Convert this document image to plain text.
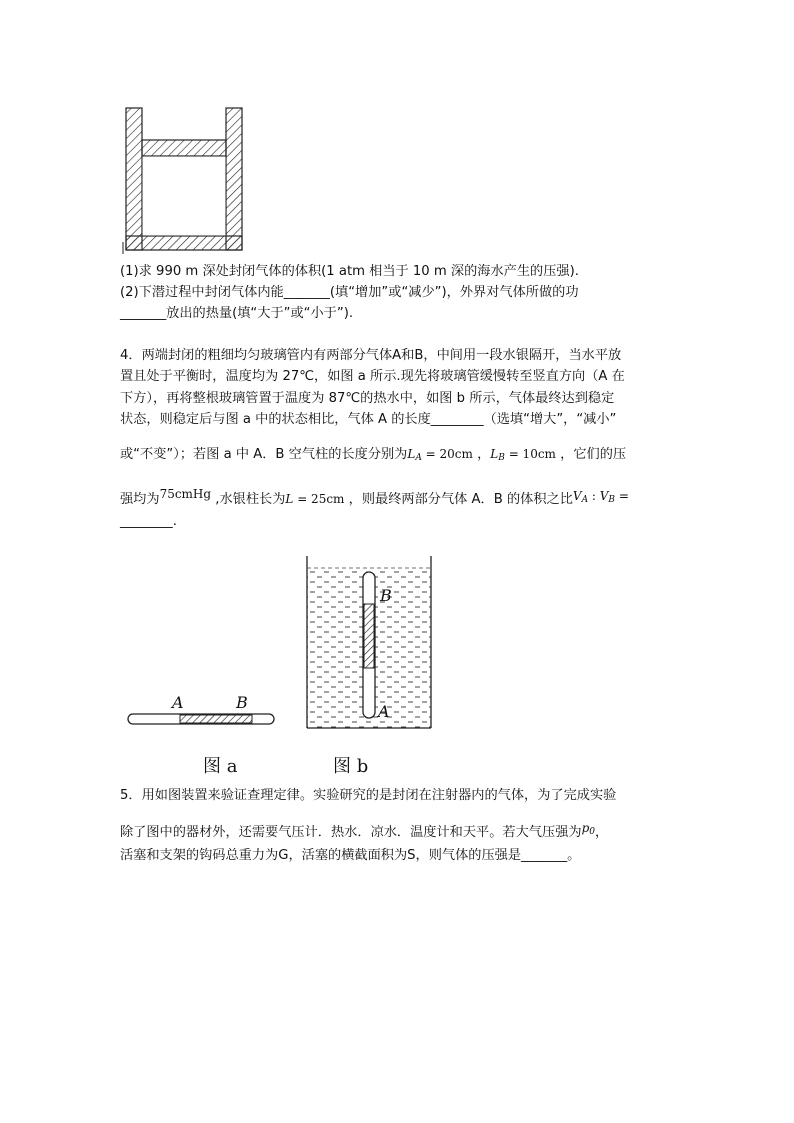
(1)求 990 m 深处封闭气体的体积(1 atm 相当于 10 m 深的海水产生的压强).
(2)下潜过程中封闭气体内能_______(填“增加”或“减少”)，外界对气体所做的功
_______放出的热量(填“大于”或“小于”).
4．两端封闭的粗细均匀玻璃管内有两部分气体A和B，中间用一段水银隔开，当水平放
置且处于平衡时，温度均为 27℃，如图 a 所示.现先将玻璃管缓慢转至竖直方向（A 在
下方），再将整根玻璃管置于温度为 87℃的热水中，如图 b 所示，气体最终达到稳定
状态，则稳定后与图 a 中的状态相比，气体 A 的长度________（选填“增大”，“减小”
或“不变”）；若图 a 中 A．B 空气柱的长度分别为$L_A = 20cm$ ，$L_B = 10cm$ ，它们的压
强均为75cmHg ,水银柱长为L = 25cm ，则最终两部分气体 A．B 的体积之比$V_A$ : $V_B$ =
________.
A	B
B
A
图 a	图 b
5．用如图装置来验证查理定律。实验研究的是封闭在注射器内的气体，为了完成实验
除了图中的器材外，还需要气压计．热水．凉水．温度计和天平。若大气压强为$p_0$，
活塞和支架的钩码总重力为G，活塞的横截面积为S，则气体的压强是_______。
